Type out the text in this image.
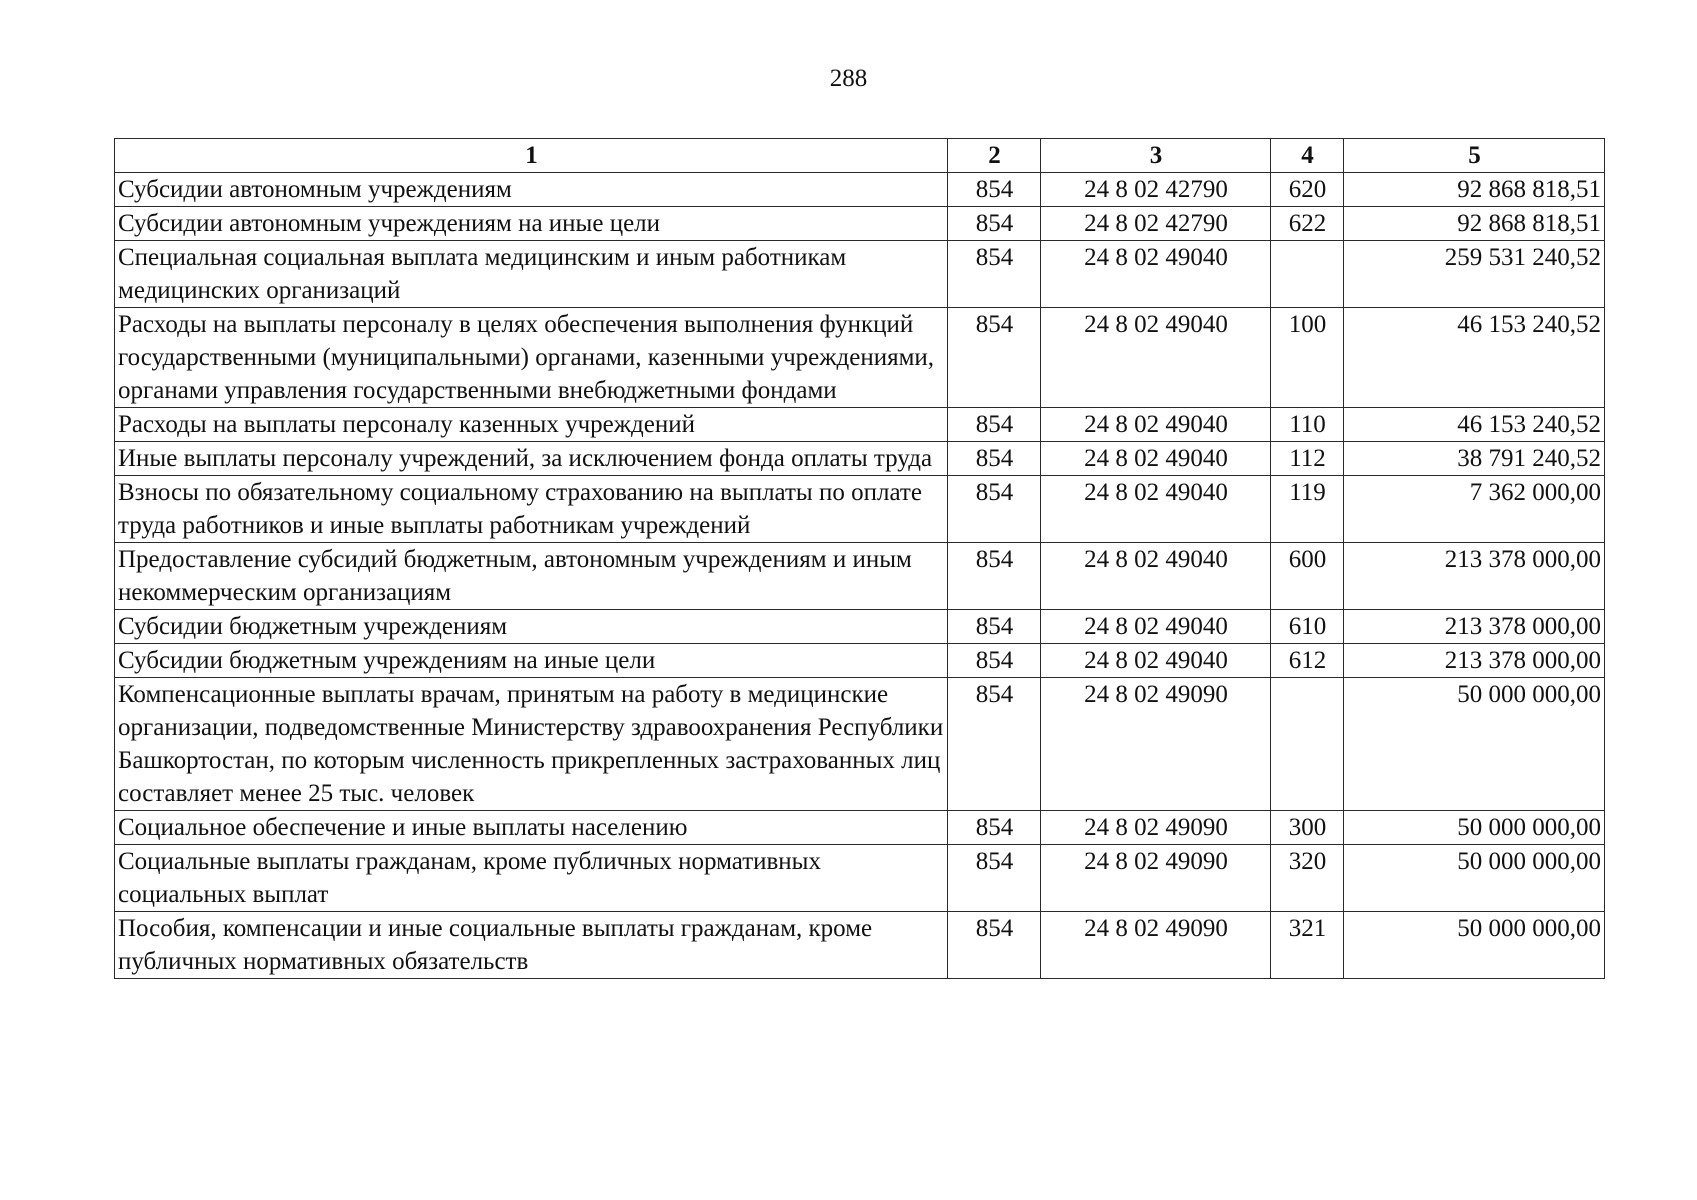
288
1	2	3	4	5
Субсидии автономным учреждениям	854	24 8 02 42790	620	92 868 818,51
Субсидии автономным учреждениям на иные цели	854	24 8 02 42790	622	92 868 818,51
Специальная социальная выплата медицинским и иным работникам медицинских организаций	854	24 8 02 49040		259 531 240,52
Расходы на выплаты персоналу в целях обеспечения выполнения функций государственными (муниципальными) органами, казенными учреждениями, органами управления государственными внебюджетными фондами	854	24 8 02 49040	100	46 153 240,52
Расходы на выплаты персоналу казенных учреждений	854	24 8 02 49040	110	46 153 240,52
Иные выплаты персоналу учреждений, за исключением фонда оплаты труда	854	24 8 02 49040	112	38 791 240,52
Взносы по обязательному социальному страхованию на выплаты по оплате труда работников и иные выплаты работникам учреждений	854	24 8 02 49040	119	7 362 000,00
Предоставление субсидий бюджетным, автономным учреждениям и иным некоммерческим организациям	854	24 8 02 49040	600	213 378 000,00
Субсидии бюджетным учреждениям	854	24 8 02 49040	610	213 378 000,00
Субсидии бюджетным учреждениям на иные цели	854	24 8 02 49040	612	213 378 000,00
Компенсационные выплаты врачам, принятым на работу в медицинские организации, подведомственные Министерству здравоохранения Республики Башкортостан, по которым численность прикрепленных застрахованных лиц составляет менее 25 тыс. человек	854	24 8 02 49090		50 000 000,00
Социальное обеспечение и иные выплаты населению	854	24 8 02 49090	300	50 000 000,00
Социальные выплаты гражданам, кроме публичных нормативных социальных выплат	854	24 8 02 49090	320	50 000 000,00
Пособия, компенсации и иные социальные выплаты гражданам, кроме публичных нормативных обязательств	854	24 8 02 49090	321	50 000 000,00
